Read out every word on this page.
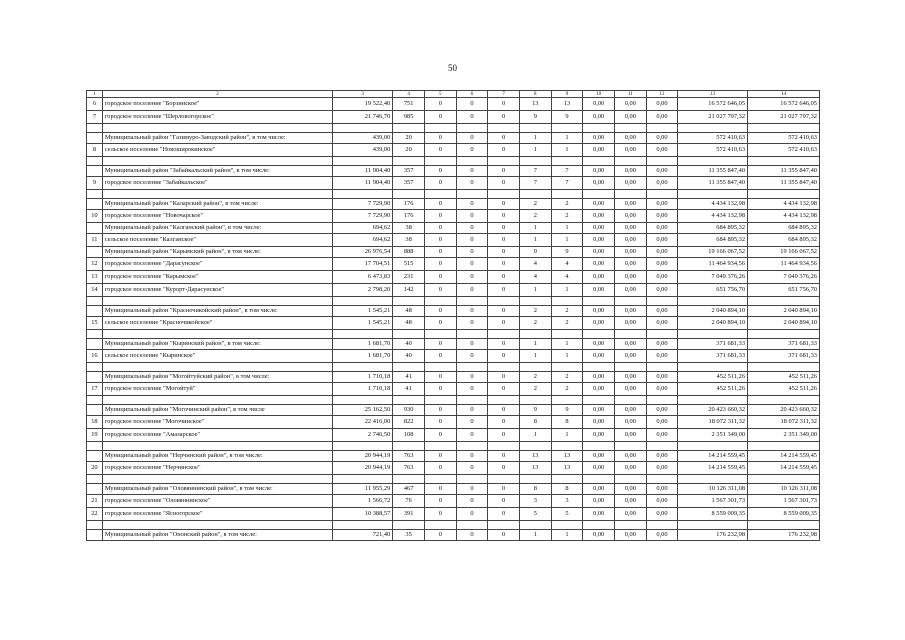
50
1	2	3	4	5	6	7	8	9	10	11	12	13	14
6	городское поселение "Борзинское"	19 522,40	751	0	0	0	13	13	0,00	0,00	0,00	16 572 646,05	16 572 646,05
7	городское поселение "Шерловогорское"	21 746,70	985	0	0	0	9	9	0,00	0,00	0,00	21 027 797,32	21 027 797,32

	Муниципальный район "Газимуро-Заводский район", в том числе:	439,00	20	0	0	0	1	1	0,00	0,00	0,00	572 410,63	572 410,63
8	сельское поселение "Новоширокинское"	439,00	20	0	0	0	1	1	0,00	0,00	0,00	572 410,63	572 410,63

	Муниципальный район "Забайкальский район", в том числе:	11 904,40	357	0	0	0	7	7	0,00	0,00	0,00	11 355 847,40	11 355 847,40
9	городское поселение "Забайкальское"	11 904,40	357	0	0	0	7	7	0,00	0,00	0,00	11 355 847,40	11 355 847,40

	Муниципальный район "Каларский район", в том числе:	7 729,90	176	0	0	0	2	2	0,00	0,00	0,00	4 434 132,98	4 434 132,98
10	городское поселение "Новочарское"	7 729,90	176	0	0	0	2	2	0,00	0,00	0,00	4 434 132,98	4 434 132,98
	Муниципальный район "Калганский район", в том числе:	694,62	38	0	0	0	1	1	0,00	0,00	0,00	684 895,32	684 895,32
11	сельское поселение "Калганское"	694,62	38	0	0	0	1	1	0,00	0,00	0,00	684 895,32	684 895,32
	Муниципальный район "Карымский район", в том числе:	26 976,54	888	0	0	0	9	9	0,00	0,00	0,00	19 166 067,52	19 166 067,52
12	городское поселение "Дарасунское"	17 704,51	515	0	0	0	4	4	0,00	0,00	0,00	11 464 934,56	11 464 934,56
13	городское поселение "Карымское"	6 473,83	231	0	0	0	4	4	0,00	0,00	0,00	7 049 376,26	7 049 376,26
14	городское поселение "Курорт-Дарасунское"	2 798,20	142	0	0	0	1	1	0,00	0,00	0,00	651 756,70	651 756,70

	Муниципальный район "Красночикойский район", в том числе:	1 545,21	48	0	0	0	2	2	0,00	0,00	0,00	2 040 894,10	2 040 894,10
15	сельское поселение "Красночикойское"	1 545,21	48	0	0	0	2	2	0,00	0,00	0,00	2 040 894,10	2 040 894,10

	Муниципальный район "Кыринский район", в том числе:	1 681,70	40	0	0	0	1	1	0,00	0,00	0,00	371 681,33	371 681,33
16	сельское поселение "Кыринское"	1 681,70	40	0	0	0	1	1	0,00	0,00	0,00	371 681,33	371 681,33

	Муниципальный район "Могойтуйский район", в том числе:	1 710,18	41	0	0	0	2	2	0,00	0,00	0,00	452 511,26	452 511,26
17	городское поселение "Могойтуй"	1 710,18	41	0	0	0	2	2	0,00	0,00	0,00	452 511,26	452 511,26

	Муниципальный район "Могочинский район", в том числе	25 162,50	930	0	0	0	9	9	0,00	0,00	0,00	20 423 660,32	20 423 660,32
18	городское поселение "Могочинское"	22 416,00	822	0	0	0	8	8	0,00	0,00	0,00	18 072 311,32	18 072 311,32
19	городское поселение "Амазарское"	2 746,50	108	0	0	0	1	1	0,00	0,00	0,00	2 351 349,00	2 351 349,00

	Муниципальный район "Нерчинский район", в том числе:	20 944,19	763	0	0	0	13	13	0,00	0,00	0,00	14 214 559,45	14 214 559,45
20	городское поселение "Нерчинское"	20 944,19	763	0	0	0	13	13	0,00	0,00	0,00	14 214 559,45	14 214 559,45

	Муниципальный район "Оловяннинский район", в том числе:	11 955,29	467	0	0	0	8	8	0,00	0,00	0,00	10 126 311,08	10 126 311,08
21	городское поселение "Оловяннинское"	1 566,72	76	0	0	0	3	3	0,00	0,00	0,00	1 567 301,73	1 567 301,73
22	городское поселение "Ясногорское"	10 388,57	391	0	0	0	5	5	0,00	0,00	0,00	8 559 009,35	8 559 009,35

	Муниципальный район "Ононский район", в том числе:	721,40	35	0	0	0	1	1	0,00	0,00	0,00	176 232,98	176 232,98
